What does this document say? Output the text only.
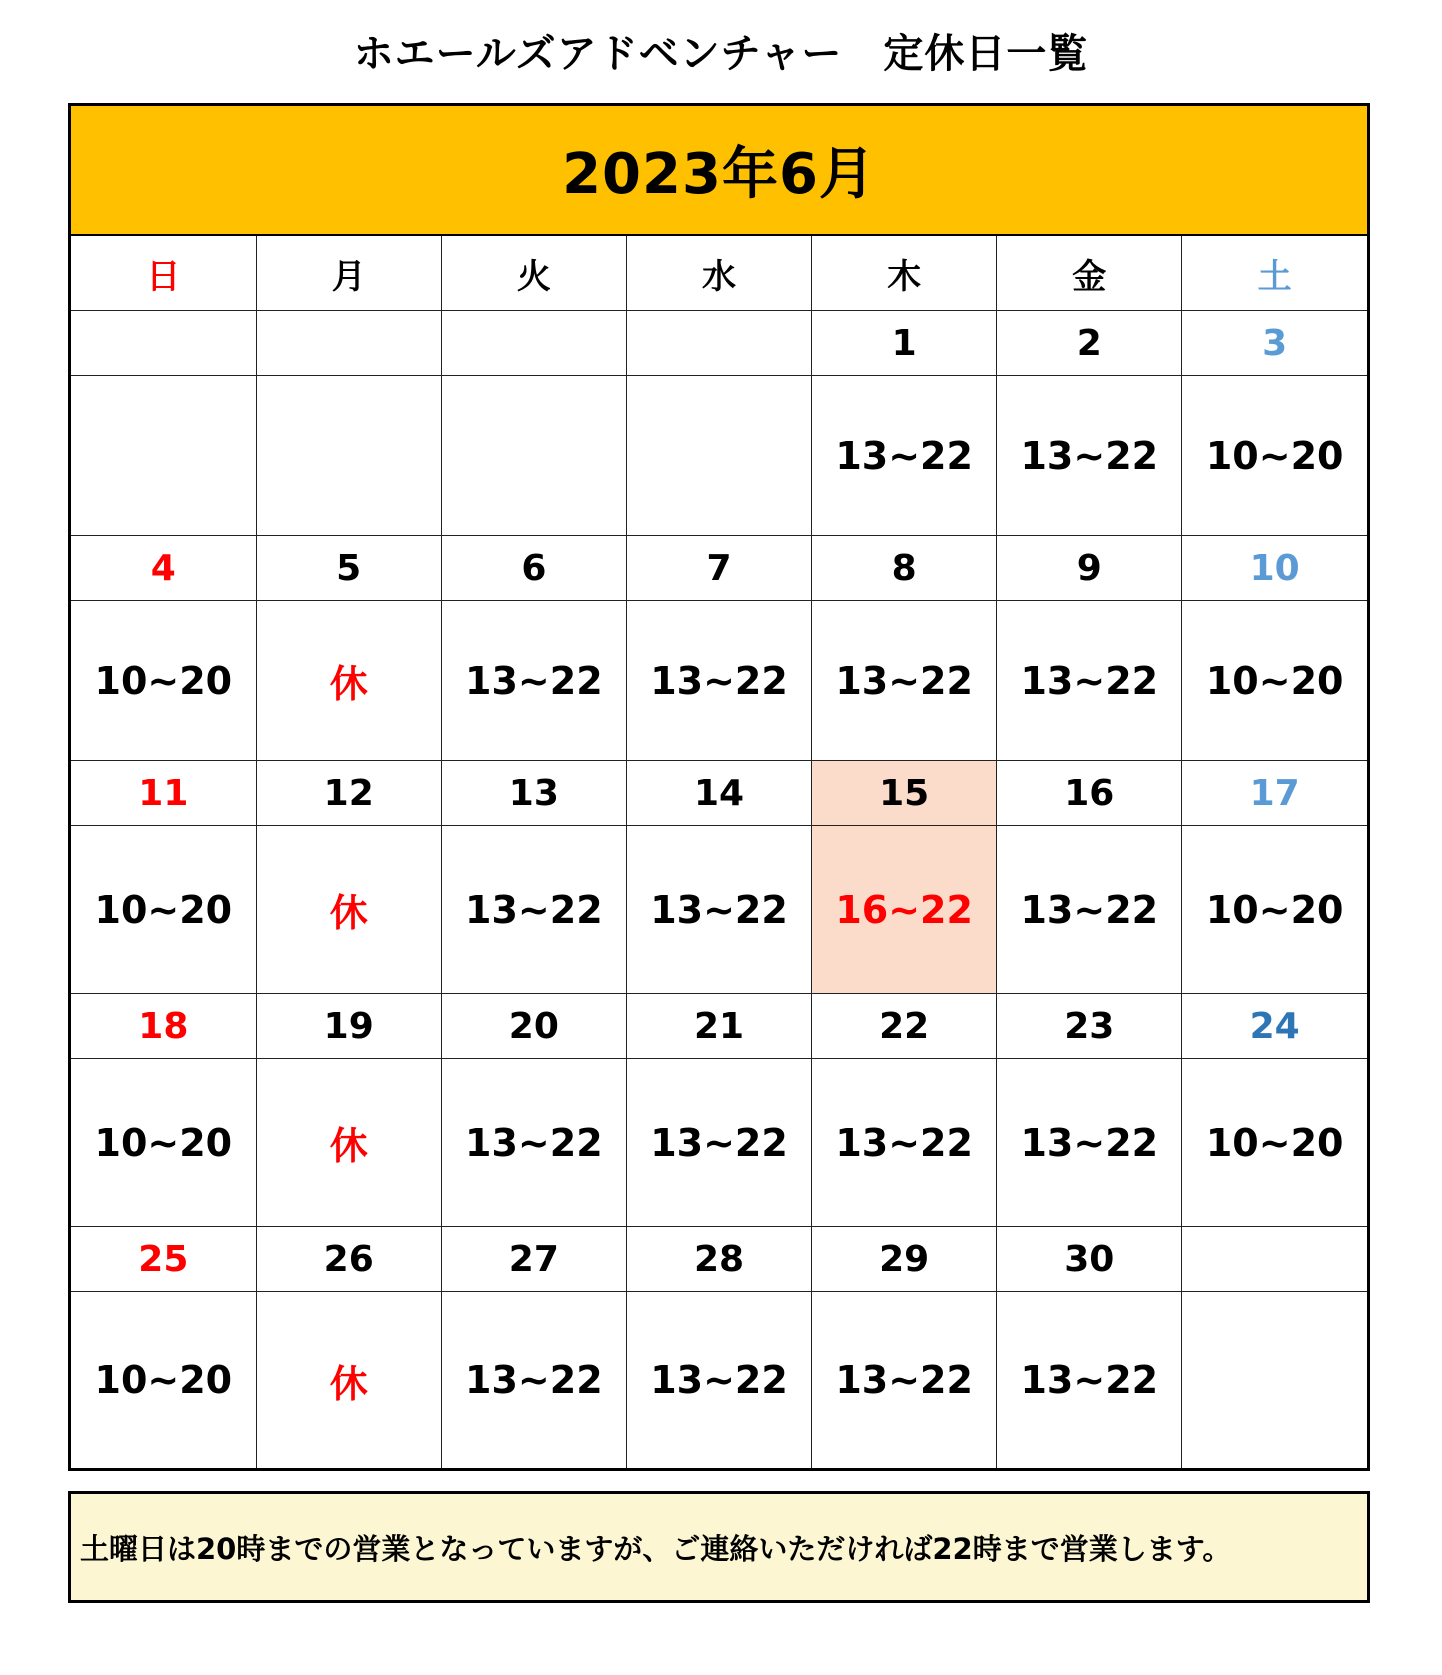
ホエールズアドベンチャー　定休日一覧
2023年6月
日	月	火	水	木	金	土
				1	2	3
				13~22	13~22	10~20
4	5	6	7	8	9	10
10~20	休	13~22	13~22	13~22	13~22	10~20
11	12	13	14	15	16	17
10~20	休	13~22	13~22	16~22	13~22	10~20
18	19	20	21	22	23	24
10~20	休	13~22	13~22	13~22	13~22	10~20
25	26	27	28	29	30	
10~20	休	13~22	13~22	13~22	13~22	
土曜日は20時までの営業となっていますが、ご連絡いただければ22時まで営業します。
